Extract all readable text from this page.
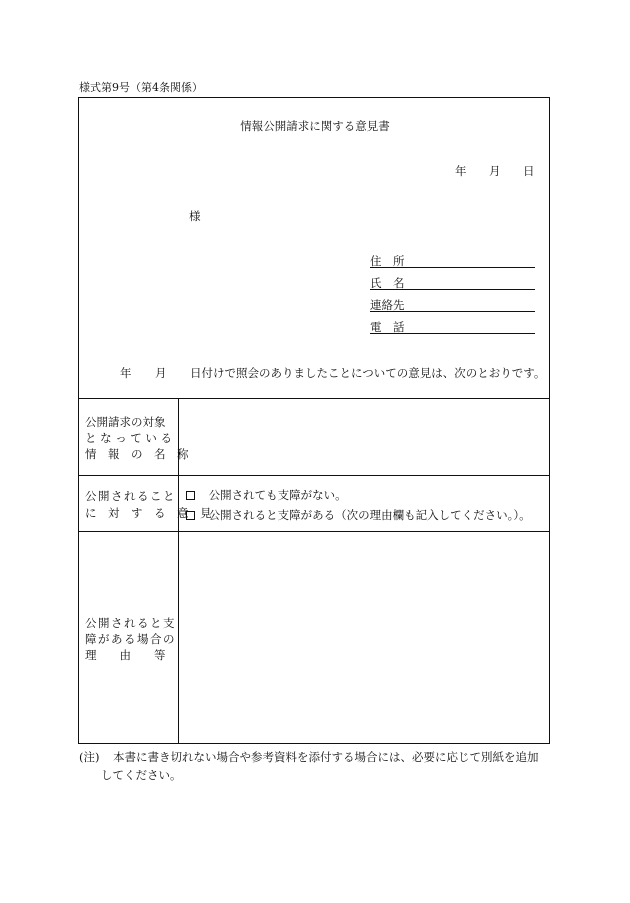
様式第9号（第4条関係）
情報公開請求に関する意見書
年 月 日
様
住　所
氏　名
連絡先
電　話
年 月 日付けで照会のありましたことについての意見は、次のとおりです。
公開請求の対象
となっている
情　報　の　名　称
公開されること
に　対　す　る　意　見
公開されても支障がない。
公開されると支障がある（次の理由欄も記入してください。）。
公開されると支
障がある場合の
理　　由　　等
(注) 本書に書き切れない場合や参考資料を添付する場合には、必要に応じて別紙を追加
してください。
